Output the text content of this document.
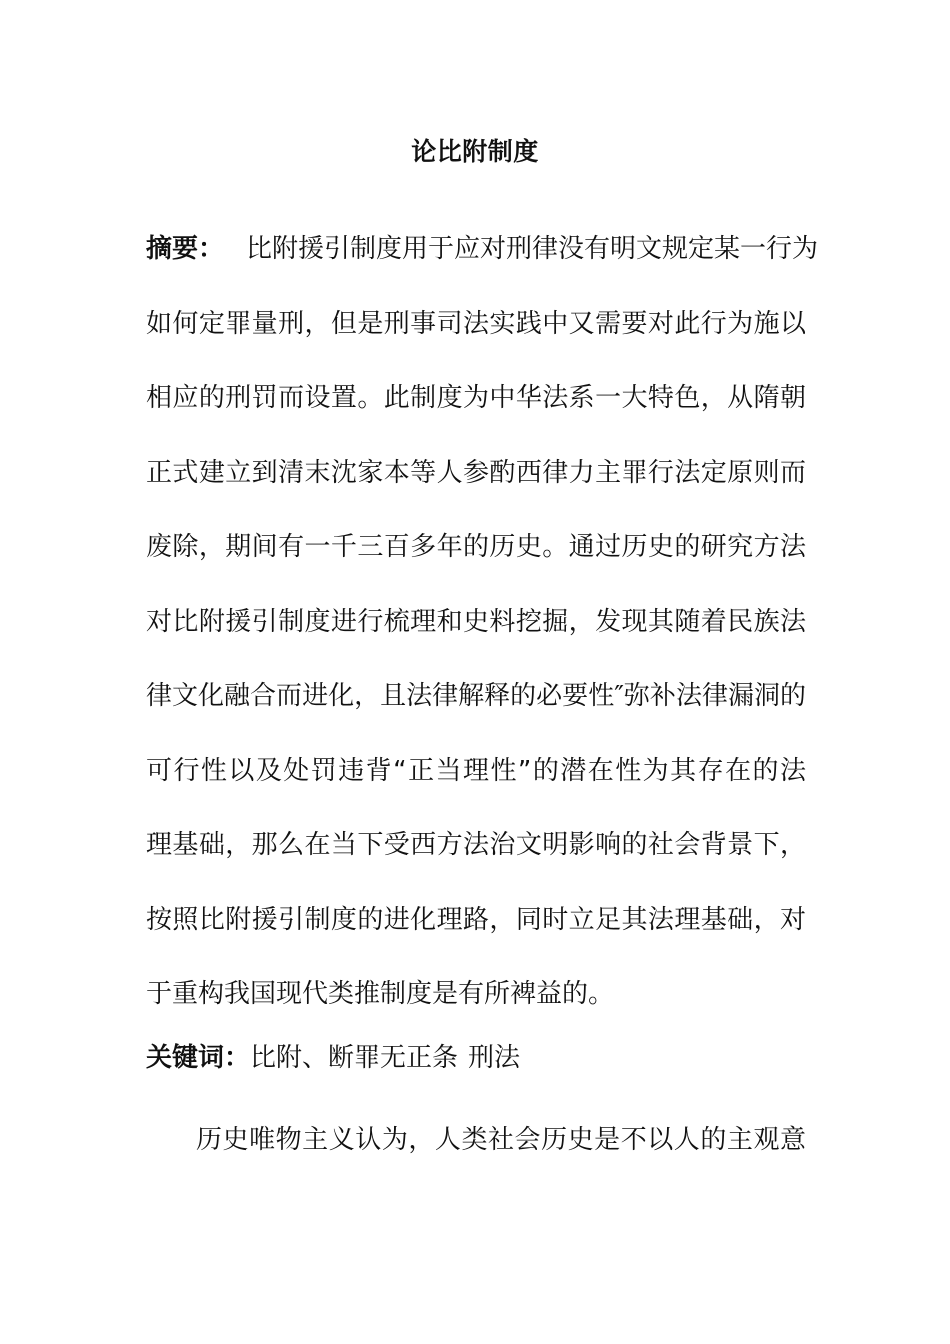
论比附制度
摘要： 比附援引制度用于应对刑律没有明文规定某一行为
如何定罪量刑，但是刑事司法实践中又需要对此行为施以
相应的刑罚而设置。此制度为中华法系一大特色，从隋朝
正式建立到清末沈家本等人参酌西律力主罪行法定原则而
废除，期间有一千三百多年的历史。通过历史的研究方法
对比附援引制度进行梳理和史料挖掘，发现其随着民族法
律文化融合而进化，且法律解释的必要性″弥补法律漏洞的
可行性以及处罚违背“正当理性”的潜在性为其存在的法
理基础，那么在当下受西方法治文明影响的社会背景下，
按照比附援引制度的进化理路，同时立足其法理基础，对
于重构我国现代类推制度是有所裨益的。
关键词：比附、断罪无正条 刑法
历史唯物主义认为，人类社会历史是不以人的主观意
